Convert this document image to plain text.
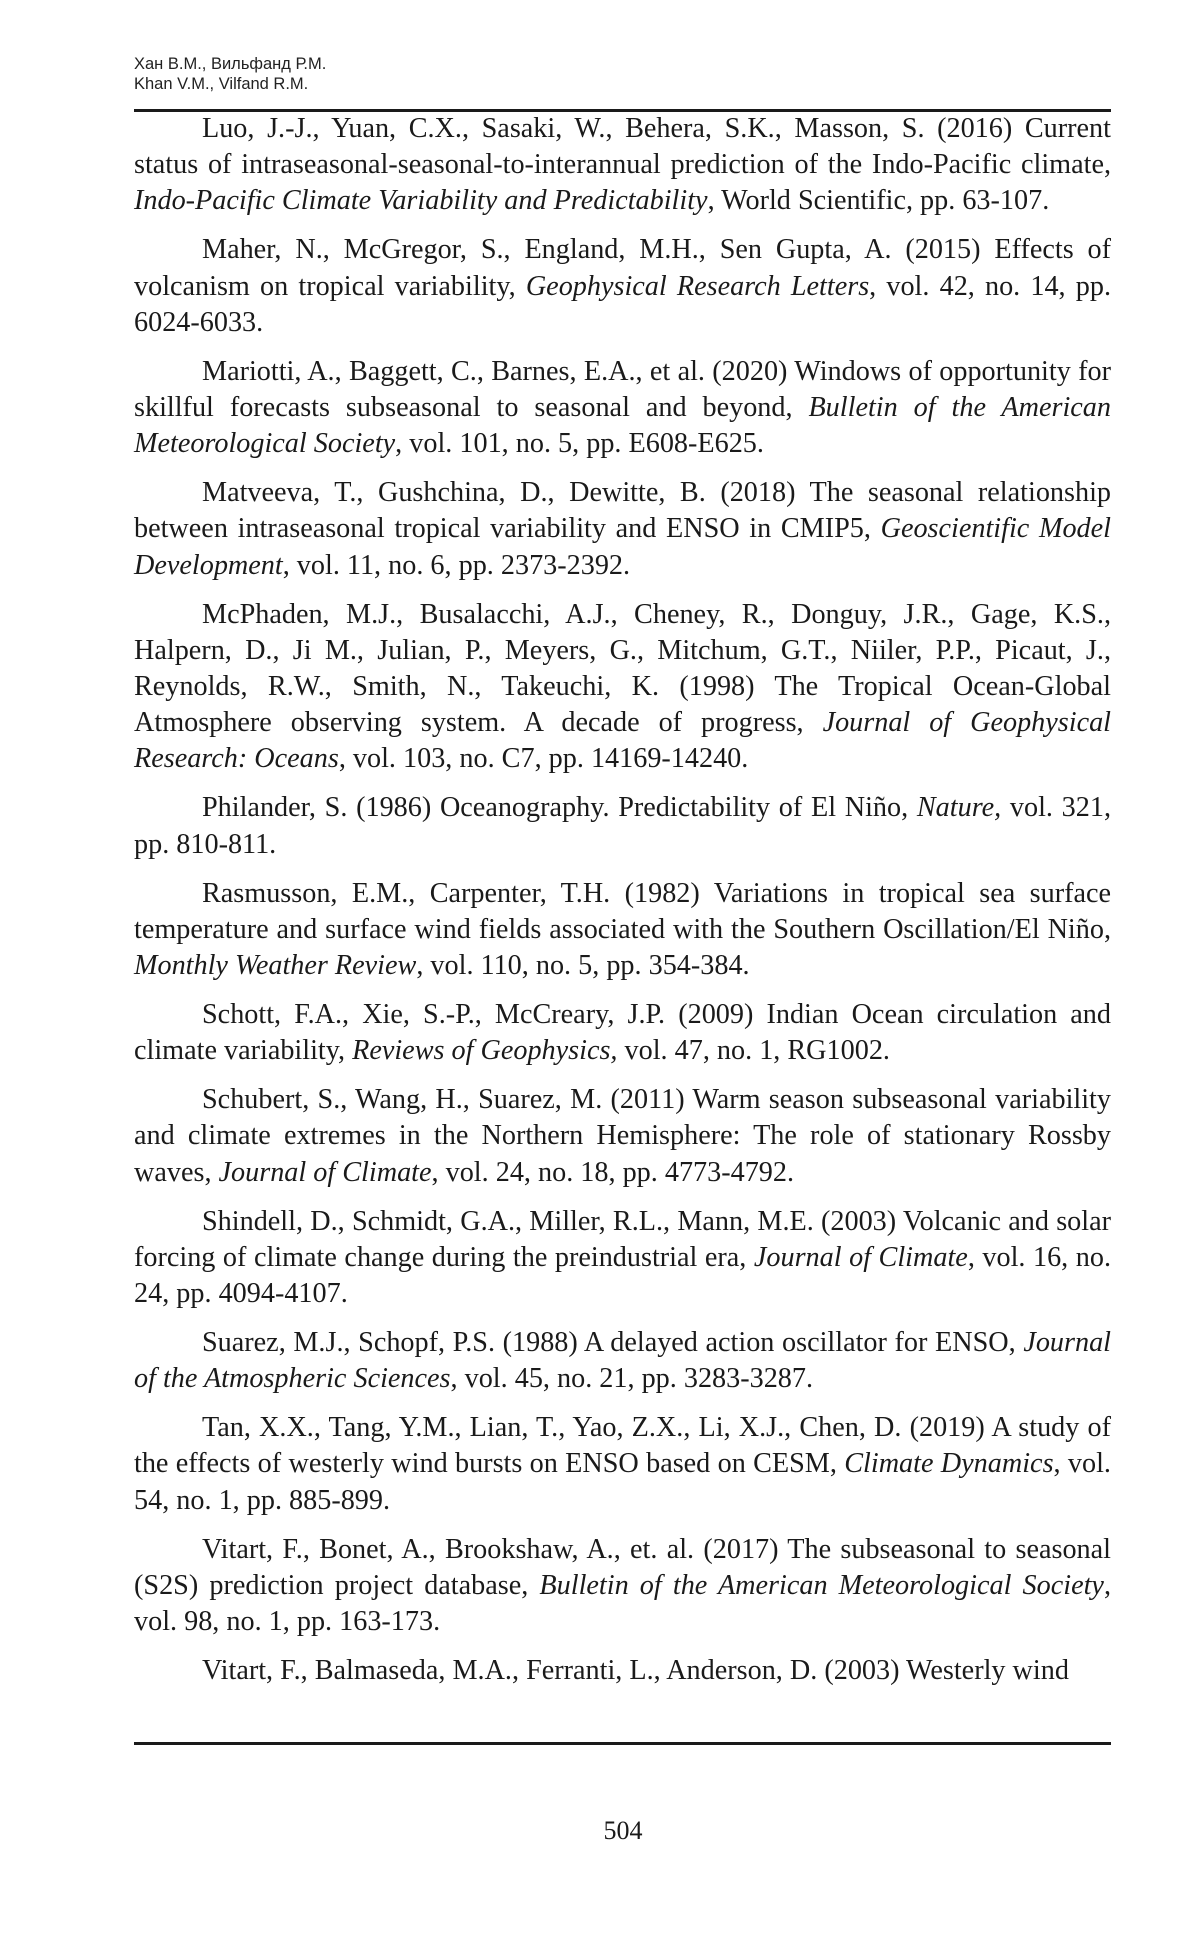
Хан В.М., Вильфанд Р.М.
Khan V.M., Vilfand R.M.

Luo, J.-J., Yuan, C.X., Sasaki, W., Behera, S.K., Masson, S. (2016) Current status of intraseasonal-seasonal-to-interannual prediction of the Indo-Pacific climate, Indo-Pacific Climate Variability and Predictability, World Scientific, pp. 63-107.

Maher, N., McGregor, S., England, M.H., Sen Gupta, A. (2015) Effects of volcanism on tropical variability, Geophysical Research Letters, vol. 42, no. 14, pp. 6024-6033.

Mariotti, A., Baggett, C., Barnes, E.A., et al. (2020) Windows of opportunity for skillful forecasts subseasonal to seasonal and beyond, Bulletin of the American Meteorological Society, vol. 101, no. 5, pp. E608-E625.

Matveeva, T., Gushchina, D., Dewitte, B. (2018) The seasonal relationship between intraseasonal tropical variability and ENSO in CMIP5, Geoscientific Model Development, vol. 11, no. 6, pp. 2373-2392.

McPhaden, M.J., Busalacchi, A.J., Cheney, R., Donguy, J.R., Gage, K.S., Halpern, D., Ji M., Julian, P., Meyers, G., Mitchum, G.T., Niiler, P.P., Picaut, J., Reynolds, R.W., Smith, N., Takeuchi, K. (1998) The Tropical Ocean-Global Atmosphere observing system. A decade of progress, Journal of Geophysical Research: Oceans, vol. 103, no. C7, pp. 14169-14240.

Philander, S. (1986) Oceanography. Predictability of El Niño, Nature, vol. 321, pp. 810-811.

Rasmusson, E.M., Carpenter, T.H. (1982) Variations in tropical sea surface temperature and surface wind fields associated with the Southern Oscillation/El Niño, Monthly Weather Review, vol. 110, no. 5, pp. 354-384.

Schott, F.A., Xie, S.-P., McCreary, J.P. (2009) Indian Ocean circulation and climate variability, Reviews of Geophysics, vol. 47, no. 1, RG1002.

Schubert, S., Wang, H., Suarez, M. (2011) Warm season subseasonal variability and climate extremes in the Northern Hemisphere: The role of stationary Rossby waves, Journal of Climate, vol. 24, no. 18, pp. 4773-4792.

Shindell, D., Schmidt, G.A., Miller, R.L., Mann, M.E. (2003) Volcanic and solar forcing of climate change during the preindustrial era, Journal of Climate, vol. 16, no. 24, pp. 4094-4107.

Suarez, M.J., Schopf, P.S. (1988) A delayed action oscillator for ENSO, Journal of the Atmospheric Sciences, vol. 45, no. 21, pp. 3283-3287.

Tan, X.X., Tang, Y.M., Lian, T., Yao, Z.X., Li, X.J., Chen, D. (2019) A study of the effects of westerly wind bursts on ENSO based on CESM, Climate Dynamics, vol. 54, no. 1, pp. 885-899.

Vitart, F., Bonet, A., Brookshaw, A., et. al. (2017) The subseasonal to seasonal (S2S) prediction project database, Bulletin of the American Meteorological Society, vol. 98, no. 1, pp. 163-173.

Vitart, F., Balmaseda, M.A., Ferranti, L., Anderson, D. (2003) Westerly wind

504
